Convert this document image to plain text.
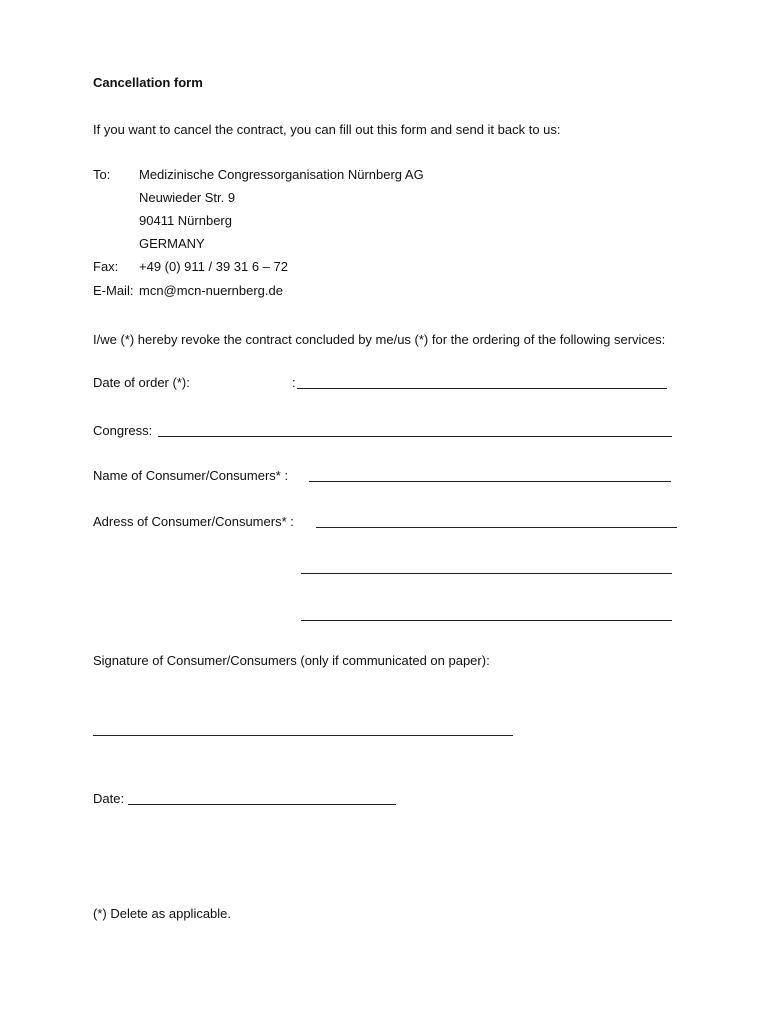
Cancellation form
If you want to cancel the contract, you can fill out this form and send it back to us:
To: Medizinische Congressorganisation Nürnberg AG
Neuwieder Str. 9
90411 Nürnberg
GERMANY
Fax: +49 (0) 911 / 39 31 6 – 72
E-Mail: mcn@mcn-nuernberg.de
I/we (*) hereby revoke the contract concluded by me/us (*) for the ordering of the following services:
Date of order (*):	:
Congress:
Name of Consumer/Consumers* :
Adress of Consumer/Consumers* :
Signature of Consumer/Consumers (only if communicated on paper):
Date:
(*) Delete as applicable.
